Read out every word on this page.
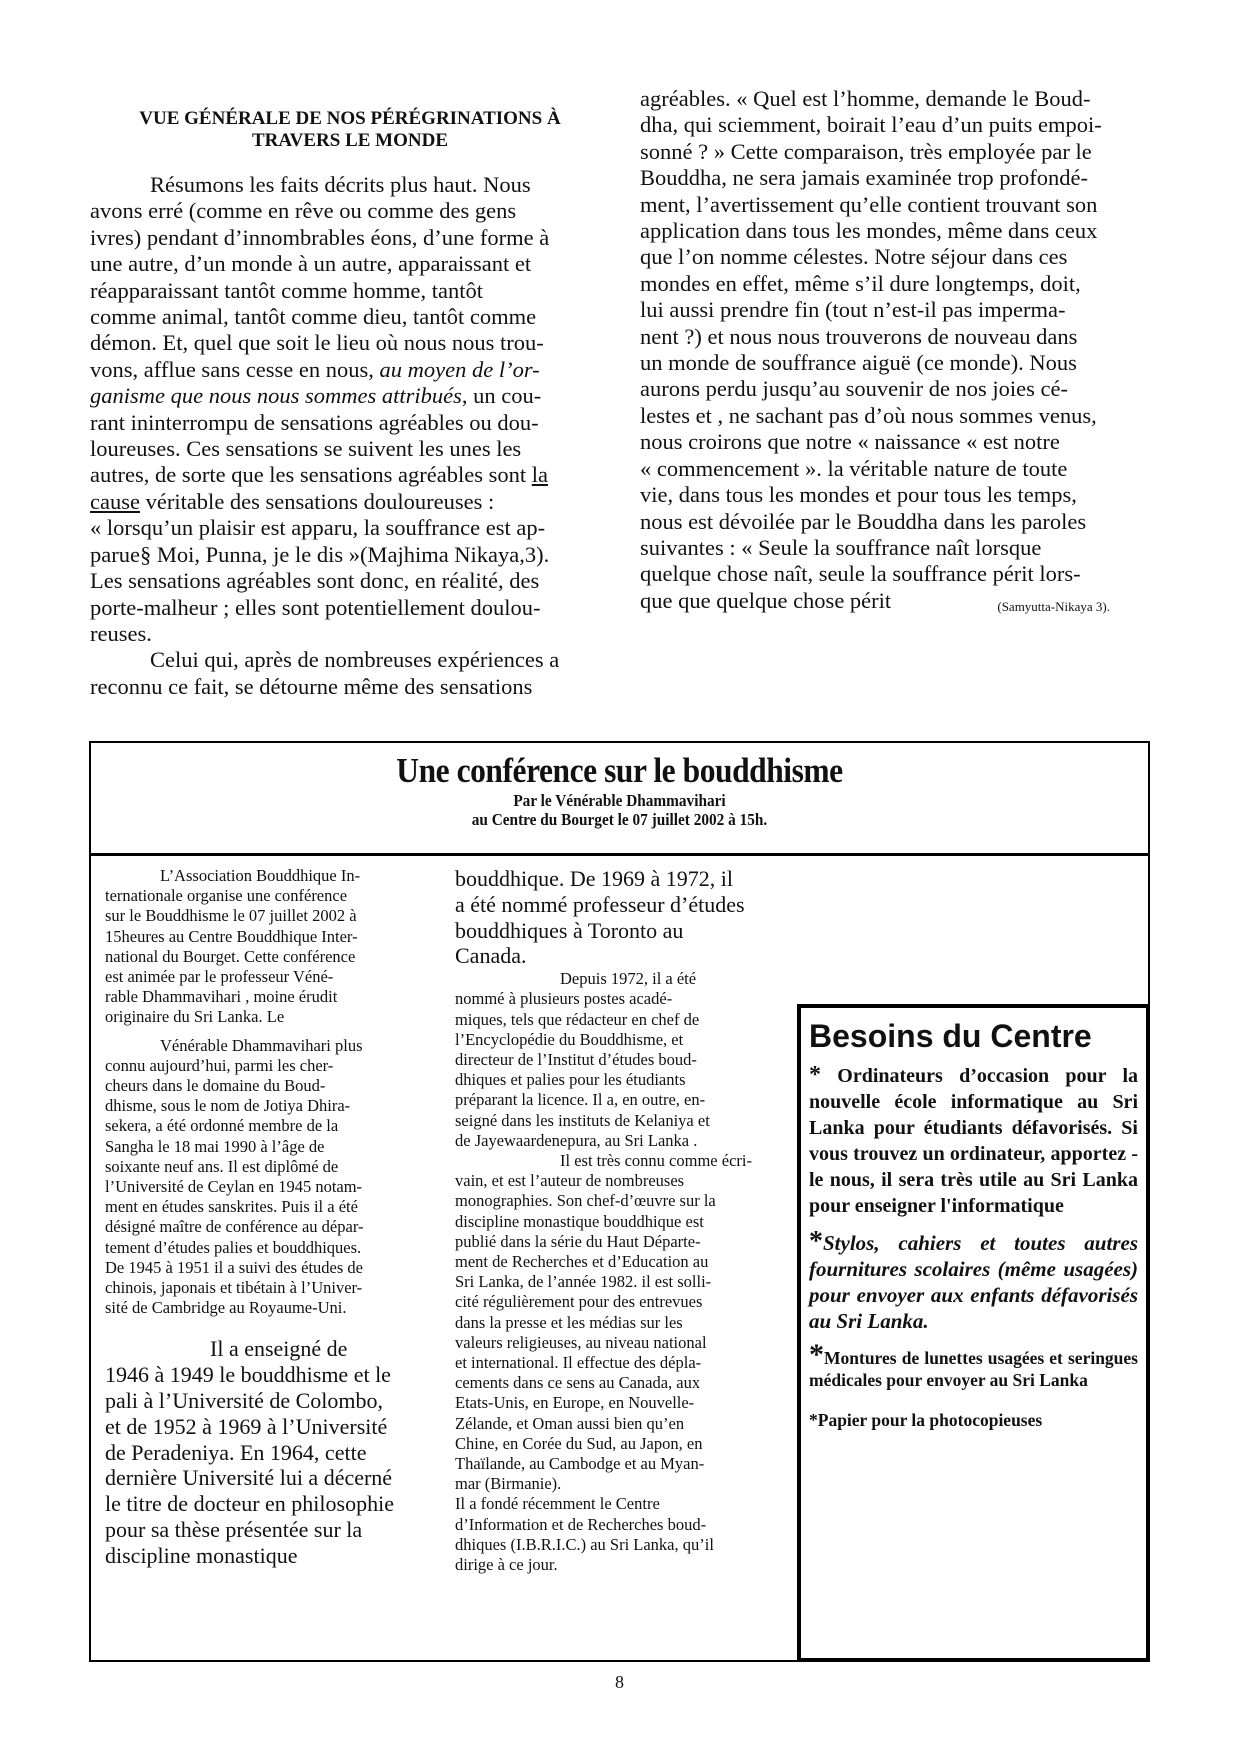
VUE GÉNÉRALE DE NOS PÉRÉGRINATIONS À
TRAVERS LE MONDE

Résumons les faits décrits plus haut. Nous
avons erré (comme en rêve ou comme des gens
ivres) pendant d’innombrables éons, d’une forme à
une autre, d’un monde à un autre, apparaissant et
réapparaissant tantôt comme homme, tantôt
comme animal, tantôt comme dieu, tantôt comme
démon. Et, quel que soit le lieu où nous nous trou-
vons, afflue sans cesse en nous, au moyen de l’or-
ganisme que nous nous sommes attribués, un cou-
rant ininterrompu de sensations agréables ou dou-
loureuses. Ces sensations se suivent les unes les
autres, de sorte que les sensations agréables sont la
cause véritable des sensations douloureuses :
« lorsqu’un plaisir est apparu, la souffrance est ap-
parue§ Moi, Punna, je le dis »(Majhima Nikaya,3).
Les sensations agréables sont donc, en réalité, des
porte-malheur ; elles sont potentiellement doulou-
reuses.
Celui qui, après de nombreuses expériences a
reconnu ce fait, se détourne même des sensations

agréables. « Quel est l’homme, demande le Boud-
dha, qui sciemment, boirait l’eau d’un puits empoi-
sonné ? » Cette comparaison, très employée par le
Bouddha, ne sera jamais examinée trop profondé-
ment, l’avertissement qu’elle contient trouvant son
application dans tous les mondes, même dans ceux
que l’on nomme célestes. Notre séjour dans ces
mondes en effet, même s’il dure longtemps, doit,
lui aussi prendre fin (tout n’est-il pas imperma-
nent ?) et nous nous trouverons de nouveau dans
un monde de souffrance aiguë (ce monde). Nous
aurons perdu jusqu’au souvenir de nos joies cé-
lestes et , ne sachant pas d’où nous sommes venus,
nous croirons que notre « naissance « est notre
« commencement ». la véritable nature de toute
vie, dans tous les mondes et pour tous les temps,
nous est dévoilée par le Bouddha dans les paroles
suivantes : « Seule la souffrance naît lorsque
quelque chose naît, seule la souffrance périt lors-

que que quelque chose périt	(Samyutta-Nikaya 3).

Une conférence sur le bouddhisme
Par le Vénérable Dhammavihari
au Centre du Bourget le 07 juillet 2002 à 15h.

L’Association Bouddhique In-
ternationale organise une conférence
sur le Bouddhisme le 07 juillet 2002 à
15heures au Centre Bouddhique Inter-
national du Bourget. Cette conférence
est animée par le professeur Véné-
rable Dhammavihari , moine érudit
originaire du Sri Lanka. Le

Vénérable Dhammavihari plus
connu aujourd’hui, parmi les cher-
cheurs dans le domaine du Boud-
dhisme, sous le nom de Jotiya Dhira-
sekera, a été ordonné membre de la
Sangha le 18 mai 1990 à l’âge de
soixante neuf ans. Il est diplômé de
l’Université de Ceylan en 1945 notam-
ment en études sanskrites. Puis il a été
désigné maître de conférence au dépar-
tement d’études palies et bouddhiques.
De 1945 à 1951 il a suivi des études de
chinois, japonais et tibétain à l’Univer-
sité de Cambridge au Royaume-Uni.

Il a enseigné de
1946 à 1949 le bouddhisme et le
pali à l’Université de Colombo,
et de 1952 à 1969 à l’Université
de Peradeniya. En 1964, cette
dernière Université lui a décerné
le titre de docteur en philosophie
pour sa thèse présentée sur la
discipline monastique

bouddhique. De 1969 à 1972, il
a été nommé professeur d’études
bouddhiques à Toronto au
Canada.

Depuis 1972, il a été
nommé à plusieurs postes acadé-
miques, tels que rédacteur en chef de
l’Encyclopédie du Bouddhisme, et
directeur de l’Institut d’études boud-
dhiques et palies pour les étudiants
préparant la licence. Il a, en outre, en-
seigné dans les instituts de Kelaniya et
de Jayewaardenepura, au Sri Lanka .

Il est très connu comme écri-
vain, et est l’auteur de nombreuses
monographies. Son chef-d’œuvre sur la
discipline monastique bouddhique est
publié dans la série du Haut Départe-
ment de Recherches et d’Education au
Sri Lanka, de l’année 1982. il est solli-
cité régulièrement pour des entrevues
dans la presse et les médias sur les
valeurs religieuses, au niveau national
et international. Il effectue des dépla-
cements dans ce sens au Canada, aux
Etats-Unis, en Europe, en Nouvelle-
Zélande, et Oman aussi bien qu’en
Chine, en Corée du Sud, au Japon, en
Thaïlande, au Cambodge et au Myan-
mar (Birmanie).
Il a fondé récemment le Centre
d’Information et de Recherches boud-
dhiques (I.B.R.I.C.) au Sri Lanka, qu’il
dirige à ce jour.

Besoins du Centre

* Ordinateurs d’occasion pour la nouvelle école informatique au Sri Lanka pour étudiants défavorisés. Si vous trouvez un ordinateur, apportez - le nous, il sera très utile au Sri Lanka pour enseigner l'informatique

*Stylos, cahiers et toutes autres fournitures scolaires (même usagées) pour envoyer aux enfants défavorisés au Sri Lanka.

*Montures de lunettes usagées et seringues médicales pour envoyer au Sri Lanka

*Papier pour la photocopieuses

8
